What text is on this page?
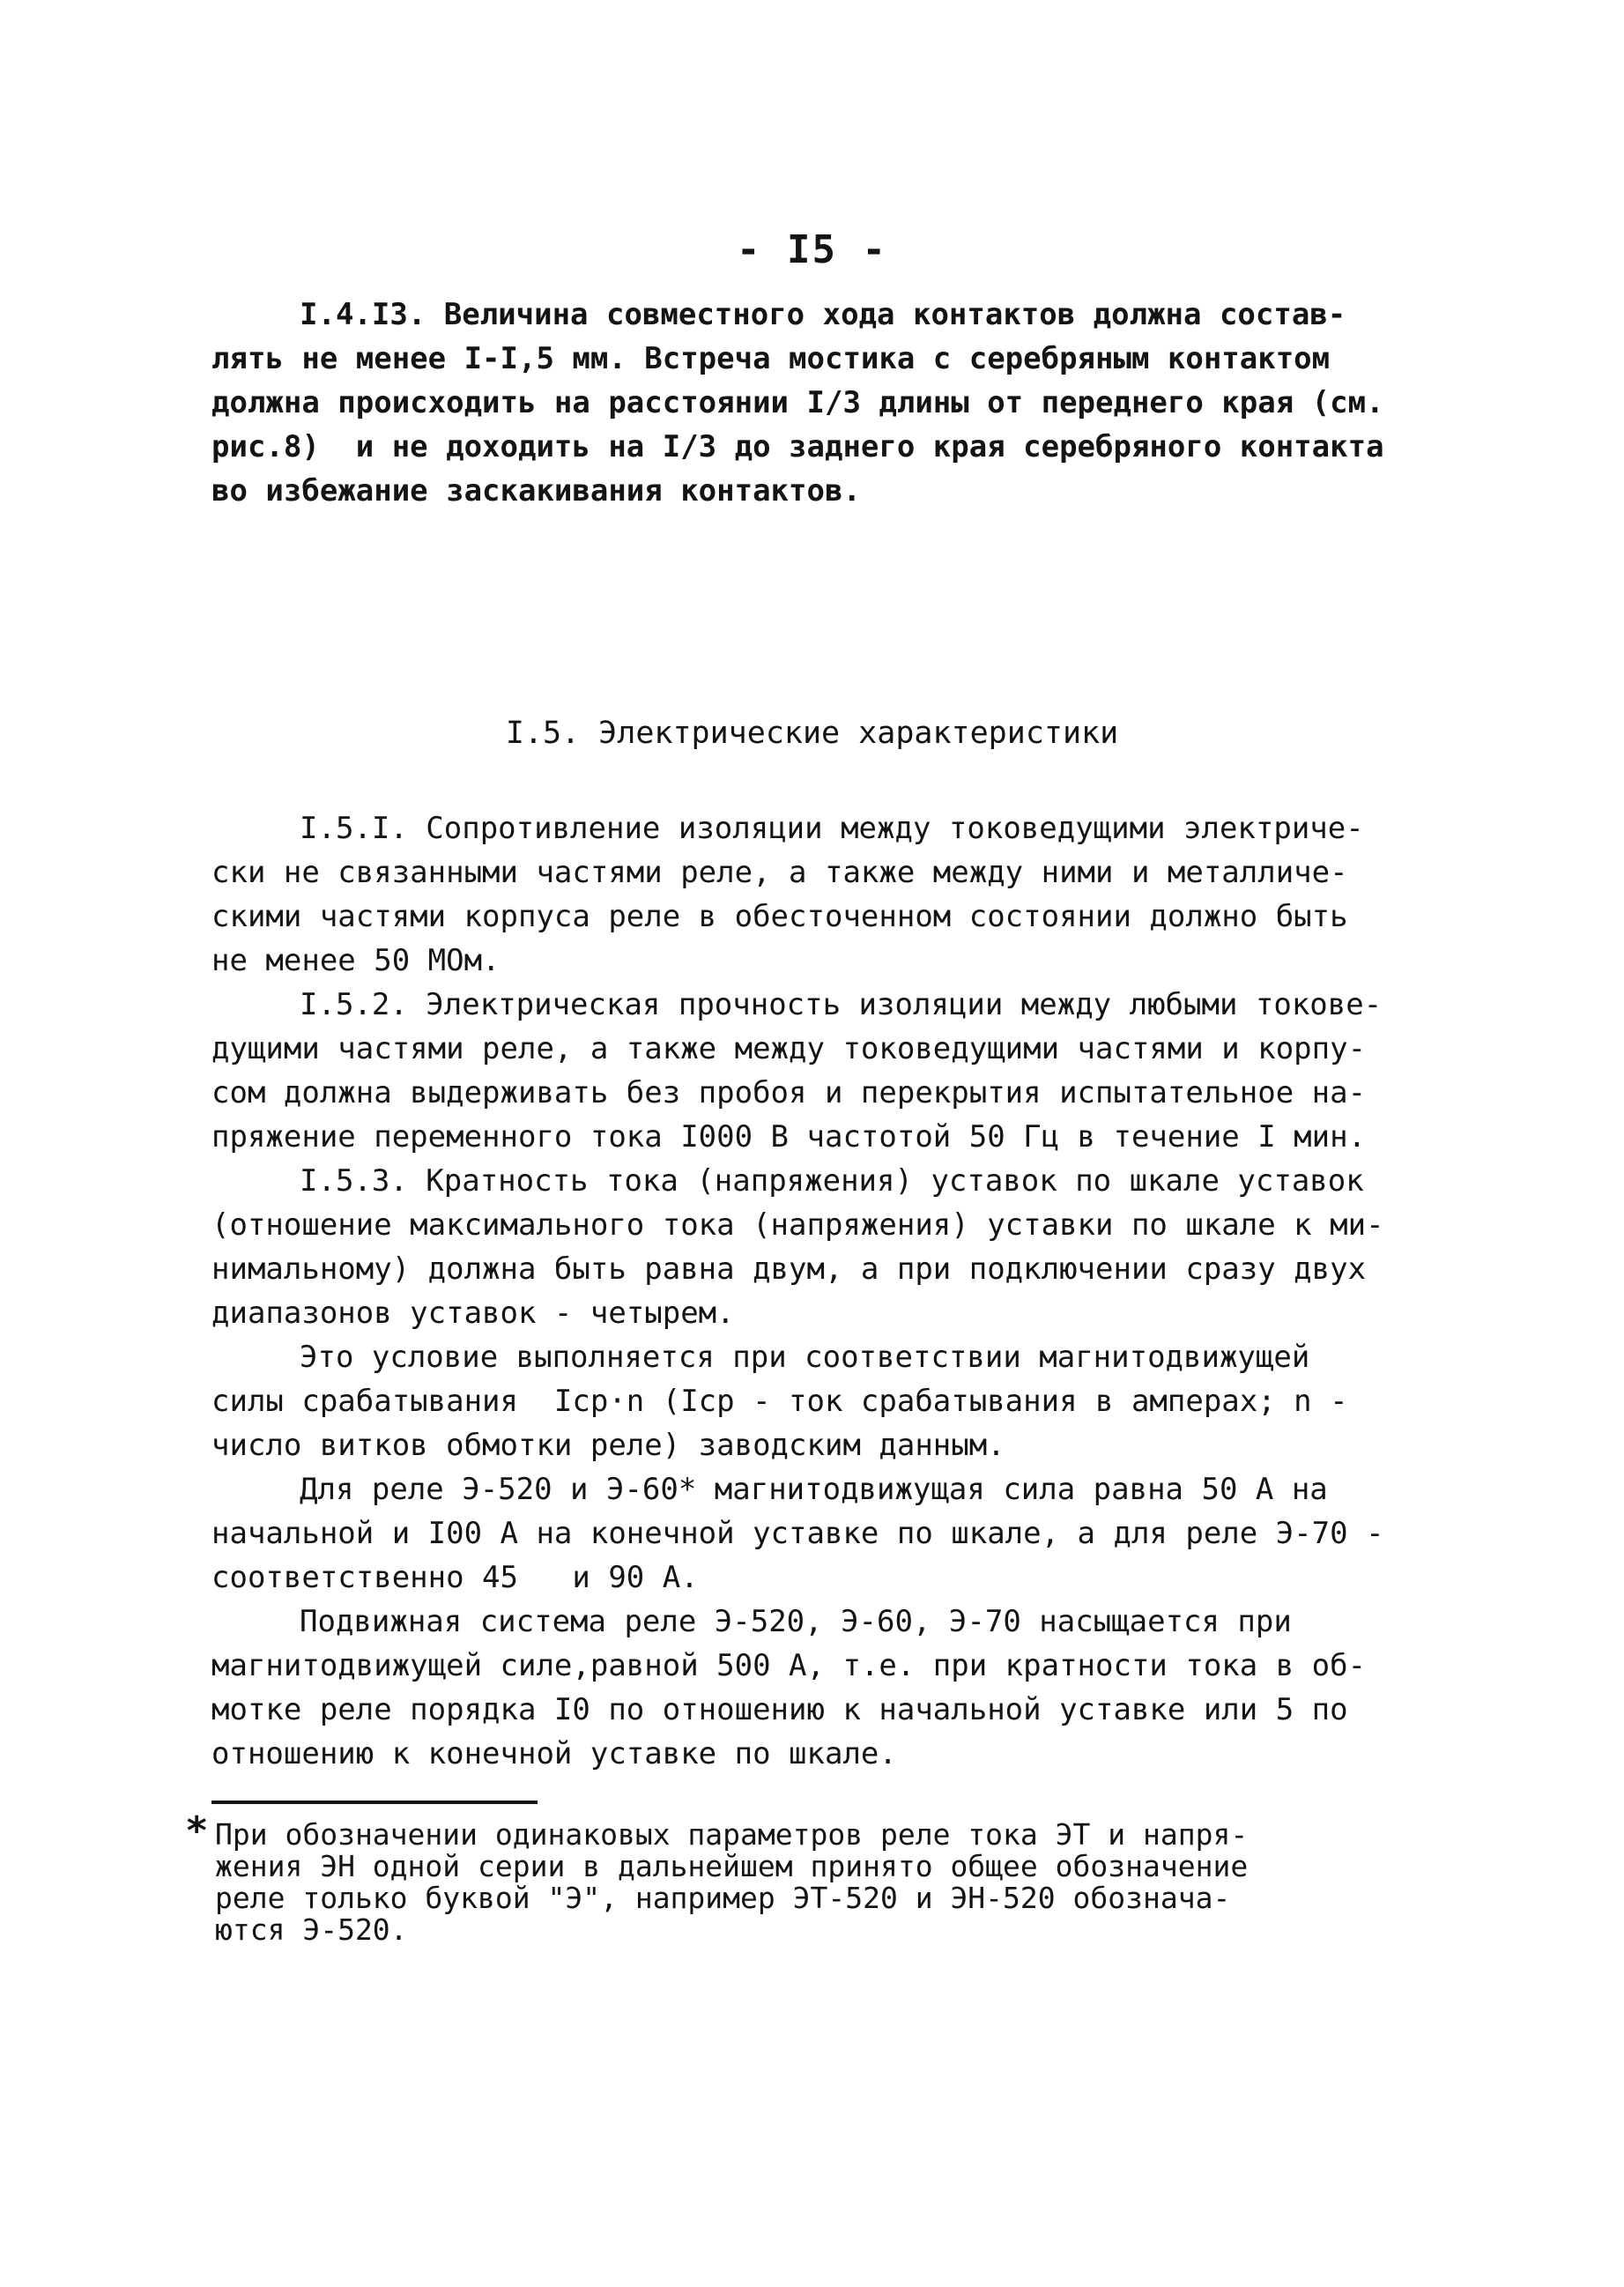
- I5 -
I.4.I3. Величина совместного хода контактов должна состав-
лять не менее I-I,5 мм. Встреча мостика с серебряным контактом
должна происходить на расстоянии I/3 длины от переднего края (см.
рис.8)  и не доходить на I/3 до заднего края серебряного контакта
во избежание заскакивания контактов.
I.5. Электрические характеристики
I.5.I. Сопротивление изоляции между токоведущими электриче-
ски не связанными частями реле, а также между ними и металличе-
скими частями корпуса реле в обесточенном состоянии должно быть
не менее 50 МОм.
I.5.2. Электрическая прочность изоляции между любыми токове-
дущими частями реле, а также между токоведущими частями и корпу-
сом должна выдерживать без пробоя и перекрытия испытательное на-
пряжение переменного тока I000 В частотой 50 Гц в течение I мин.
I.5.3. Кратность тока (напряжения) уставок по шкале уставок
(отношение максимального тока (напряжения) уставки по шкале к ми-
нимальному) должна быть равна двум, а при подключении сразу двух
диапазонов уставок - четырем.
Это условие выполняется при соответствии магнитодвижущей
силы срабатывания  Iср·n (Iср - ток срабатывания в амперах; n -
число витков обмотки реле) заводским данным.
Для реле Э-520 и Э-60* магнитодвижущая сила равна 50 А на
начальной и I00 А на конечной уставке по шкале, а для реле Э-70 -
соответственно 45   и 90 А.
Подвижная система реле Э-520, Э-60, Э-70 насыщается при
магнитодвижущей силе,равной 500 А, т.е. при кратности тока в об-
мотке реле порядка I0 по отношению к начальной уставке или 5 по
отношению к конечной уставке по шкале.
* При обозначении одинаковых параметров реле тока ЭТ и напря-
жения ЭН одной серии в дальнейшем принято общее обозначение
реле только буквой "Э", например ЭТ-520 и ЭН-520 обознача-
ются Э-520.
